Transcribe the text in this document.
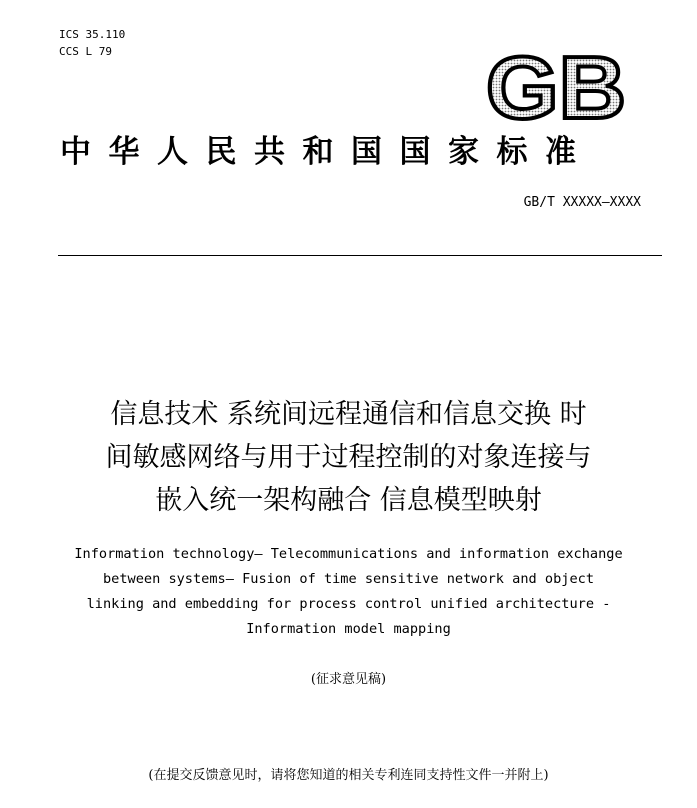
ICS 35.110
CCS L 79	GB
中华人民共和国国家标准
GB/T XXXXX—XXXX
信息技术 系统间远程通信和信息交换 时
间敏感网络与用于过程控制的对象连接与
嵌入统一架构融合 信息模型映射
Information technology— Telecommunications and information exchange
between systems— Fusion of time sensitive network and object
linking and embedding for process control unified architecture -
Information model mapping
(征求意见稿)
(在提交反馈意见时，请将您知道的相关专利连同支持性文件一并附上)
